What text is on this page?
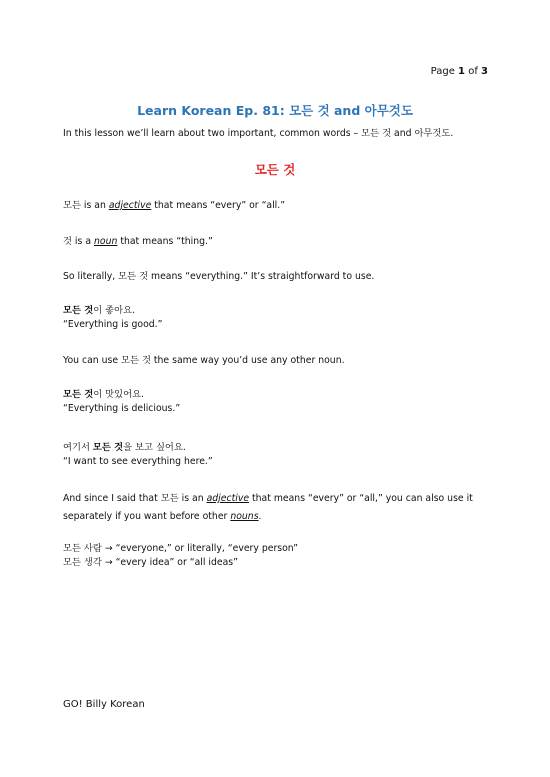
Page 1 of 3
Learn Korean Ep. 81: 모든 것 and 아무것도
In this lesson we’ll learn about two important, common words – 모든 것 and 아무것도.
모든 것
모든 is an adjective that means “every” or “all.”
것 is a noun that means “thing.”
So literally, 모든 것 means “everything.” It’s straightforward to use.
모든 것이 좋아요.
“Everything is good.”
You can use 모든 것 the same way you’d use any other noun.
모든 것이 맛있어요.
“Everything is delicious.”
여기서 모든 것을 보고 싶어요.
“I want to see everything here.”
And since I said that 모든 is an adjective that means “every” or “all,” you can also use it separately if you want before other nouns.
모든 사람 → “everyone,” or literally, “every person”
모든 생각 → “every idea” or “all ideas”
GO! Billy Korean
